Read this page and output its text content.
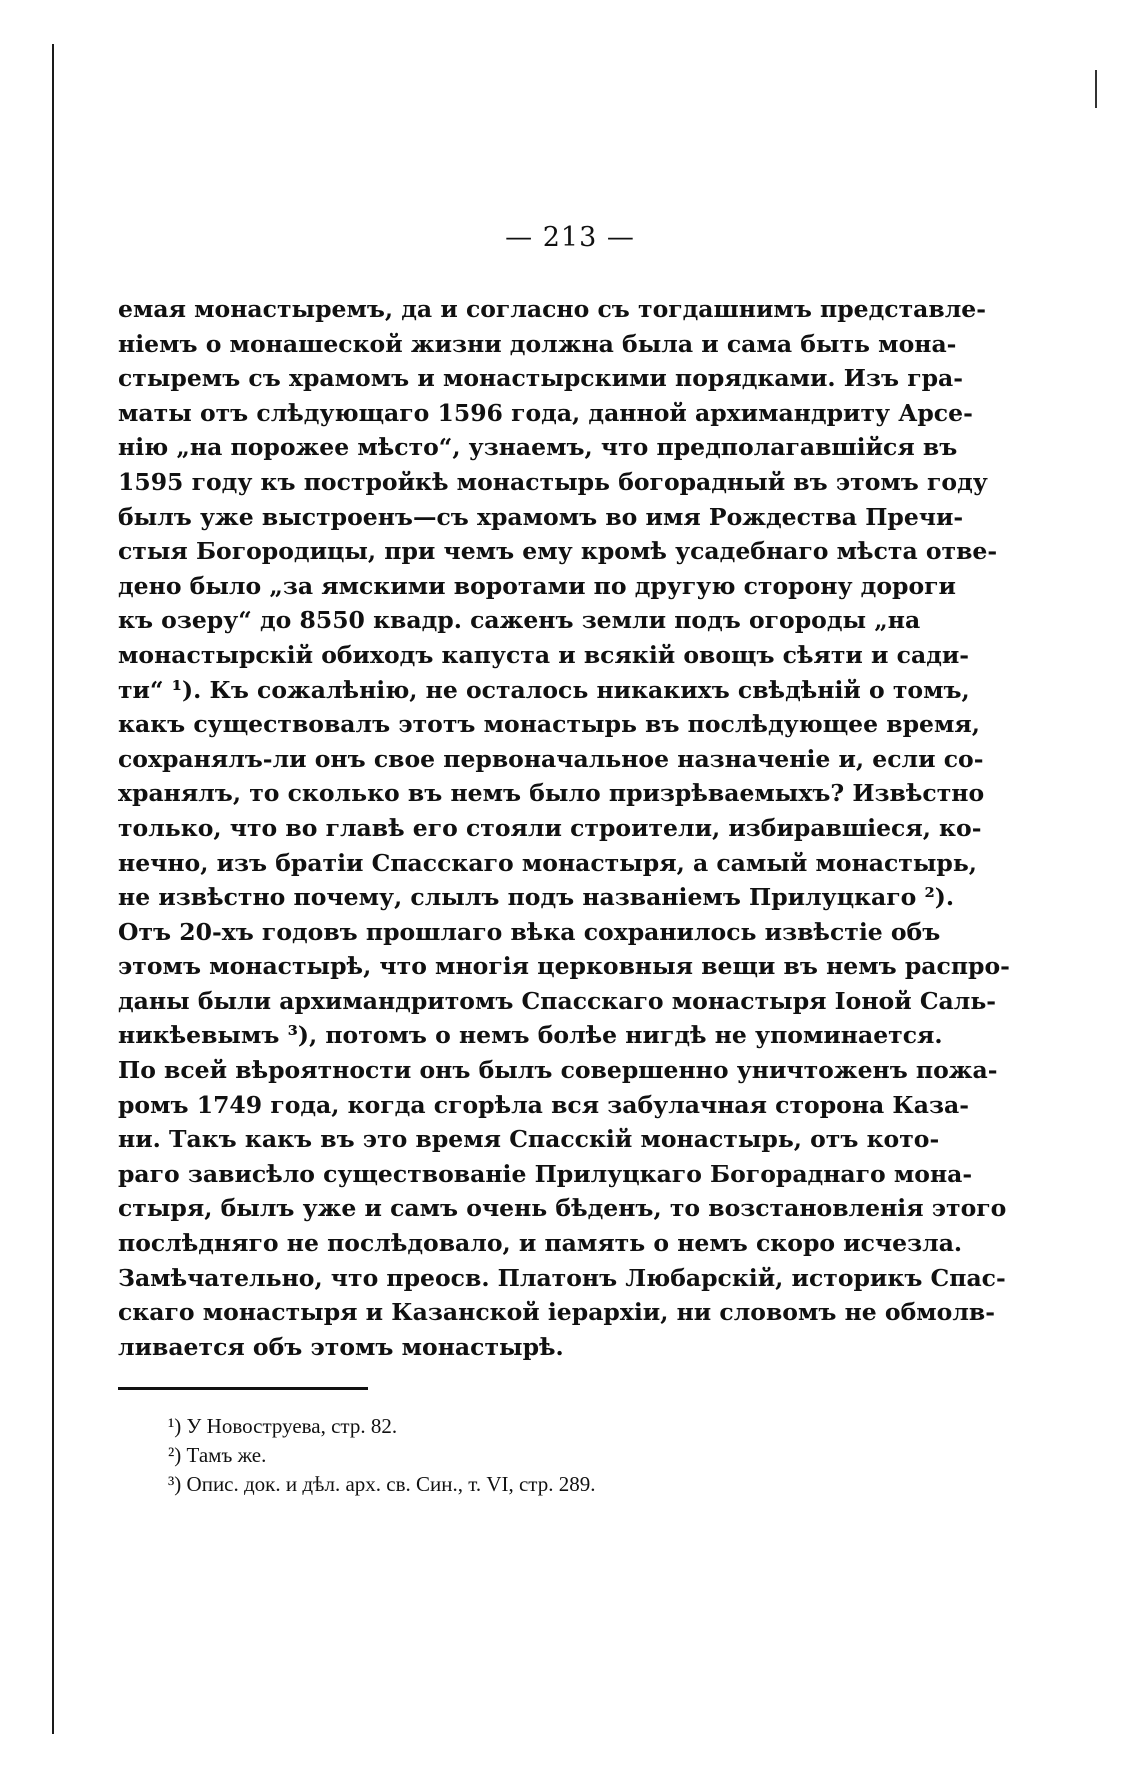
— 213 —
емая монастыремъ, да и согласно съ тогдашнимъ представле-
ніемъ о монашеской жизни должна была и сама быть мона-
стыремъ съ храмомъ и монастырскими порядками. Изъ гра-
маты отъ слѣдующаго 1596 года, данной архимандриту Арсе-
нію „на порожее мѣсто“, узнаемъ, что предполагавшійся въ
1595 году къ постройкѣ монастырь богорадный въ этомъ году
былъ уже выстроенъ—съ храмомъ во имя Рождества Пречи-
стыя Богородицы, при чемъ ему кромѣ усадебнаго мѣста отве-
дено было „за ямскими воротами по другую сторону дороги
къ озеру“ до 8550 квадр. саженъ земли подъ огороды „на
монастырскій обиходъ капуста и всякій овощъ сѣяти и сади-
ти“ ¹). Къ сожалѣнію, не осталось никакихъ свѣдѣній о томъ,
какъ существовалъ этотъ монастырь въ послѣдующее время,
сохранялъ-ли онъ свое первоначальное назначеніе и, если со-
хранялъ, то сколько въ немъ было призрѣваемыхъ? Извѣстно
только, что во главѣ его стояли строители, избиравшіеся, ко-
нечно, изъ братіи Спасскаго монастыря, а самый монастырь,
не извѣстно почему, слылъ подъ названіемъ Прилуцкаго ²).
Отъ 20-хъ годовъ прошлаго вѣка сохранилось извѣстіе объ
этомъ монастырѣ, что многія церковныя вещи въ немъ распро-
даны были архимандритомъ Спасскаго монастыря Іоной Саль-
никѣевымъ ³), потомъ о немъ болѣе нигдѣ не упоминается.
По всей вѣроятности онъ былъ совершенно уничтоженъ пожа-
ромъ 1749 года, когда сгорѣла вся забулачная сторона Каза-
ни. Такъ какъ въ это время Спасскій монастырь, отъ кото-
раго зависѣло существованіе Прилуцкаго Богораднаго мона-
стыря, былъ уже и самъ очень бѣденъ, то возстановленія этого
послѣдняго не послѣдовало, и память о немъ скоро исчезла.
Замѣчательно, что преосв. Платонъ Любарскій, историкъ Спас-
скаго монастыря и Казанской іерархіи, ни словомъ не обмолв-
ливается объ этомъ монастырѣ.
¹) У Новоструева, стр. 82.
²) Тамъ же.
³) Опис. док. и дѣл. арх. св. Син., т. VI, стр. 289.
